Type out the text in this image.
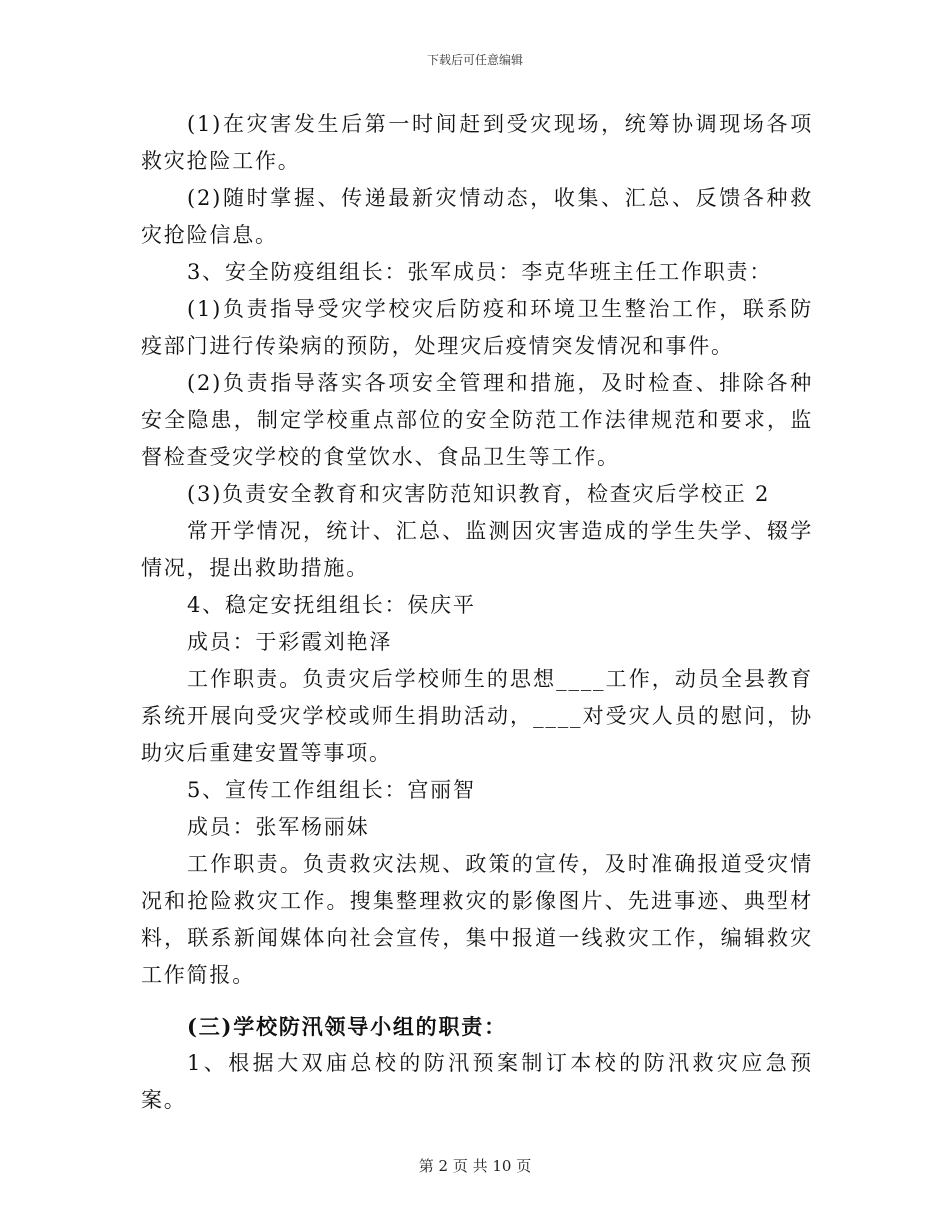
下载后可任意编辑

(1)在灾害发生后第一时间赶到受灾现场，统筹协调现场各项救灾抢险工作。

(2)随时掌握、传递最新灾情动态，收集、汇总、反馈各种救灾抢险信息。

3、安全防疫组组长：张军成员：李克华班主任工作职责：

(1)负责指导受灾学校灾后防疫和环境卫生整治工作，联系防疫部门进行传染病的预防，处理灾后疫情突发情况和事件。

(2)负责指导落实各项安全管理和措施，及时检查、排除各种安全隐患，制定学校重点部位的安全防范工作法律规范和要求，监督检查受灾学校的食堂饮水、食品卫生等工作。

(3)负责安全教育和灾害防范知识教育，检查灾后学校正 2

常开学情况，统计、汇总、监测因灾害造成的学生失学、辍学情况，提出救助措施。

4、稳定安抚组组长：侯庆平

成员：于彩霞刘艳泽

工作职责。负责灾后学校师生的思想____工作，动员全县教育系统开展向受灾学校或师生捐助活动，____对受灾人员的慰问，协助灾后重建安置等事项。

5、宣传工作组组长：宫丽智

成员：张军杨丽妹

工作职责。负责救灾法规、政策的宣传，及时准确报道受灾情况和抢险救灾工作。搜集整理救灾的影像图片、先进事迹、典型材料，联系新闻媒体向社会宣传，集中报道一线救灾工作，编辑救灾工作简报。

(三)学校防汛领导小组的职责：

1、根据大双庙总校的防汛预案制订本校的防汛救灾应急预案。

第 2 页 共 10 页
